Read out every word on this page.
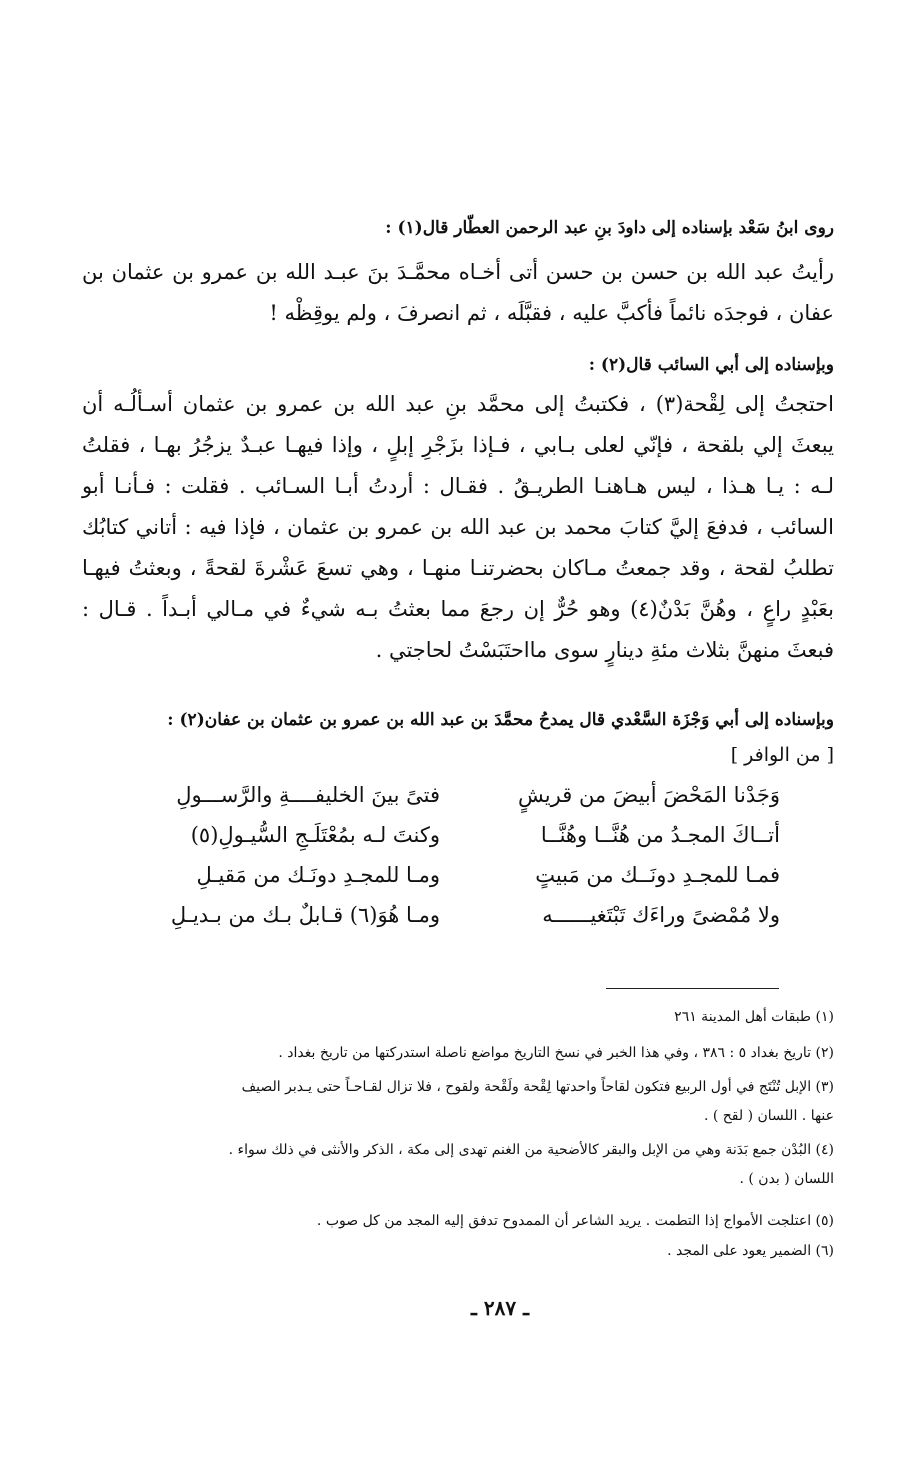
روى ابنُ سَعْد بإسناده إلى داودَ بنِ عبد الرحمن العطّار قال(١) :
رأيتُ عبد الله بن حسن بن حسن أتى أخـاه محمَّـدَ بنَ عبـد الله بن عمرو بن عثمان بن عفان ، فوجدَه نائماً فأكبَّ عليه ، فقبَّلَه ، ثم انصرفَ ، ولم يوقِظْه !
وبإسناده إلى أبي السائب قال(٢) :
احتجتُ إلى لِقْحة(٣) ، فكتبتُ إلى محمَّد بنِ عبد الله بن عمرو بن عثمان أسـألُـه أن يبعثَ إلي بلقحة ، فإنّي لعلى بـابي ، فـإذا بزَجْرِ إبلٍ ، وإذا فيهـا عبـدٌ يزجُرُ بهـا ، فقلتُ لـه : يـا هـذا ، ليس هـاهنـا الطريـقُ . فقـال : أردتُ أبـا السـائب . فقلت : فـأنـا أبو السائب ، فدفعَ إليَّ كتابَ محمد بن عبد الله بن عمرو بن عثمان ، فإذا فيه : أتاني كتابُك تطلبُ لقحة ، وقد جمعتُ مـاكان بحضرتنـا منهـا ، وهي تسعَ عَشْرةَ لقحةً ، وبعثتُ فيهـا بعَبْدٍ راعٍ ، وهُنَّ بَدْنٌ(٤) وهو حُرٌّ إن رجعَ مما بعثتُ بـه شيءٌ في مـالي أبـداً . قـال : فبعثَ منهنَّ بثلاث مئةِ دينارٍ سوى مااحتَبَسْتُ لحاجتي .
وبإسناده إلى أبي وَجْزَة السَّعْدي قال يمدحُ محمَّدَ بن عبد الله بن عمرو بن عثمان بن عفان(٢) :
[ من الوافر ]
وَجَدْنا المَحْضَ أبيضَ من قريشٍ
فتىً بينَ الخليفــــةِ والرَّســـولِ
أتــاكَ المجـدُ من هُنَّــا وهُنَّــا
وكنتَ لـه بمُعْتَلَـجِ السُّيـولِ(٥)
فمـا للمجـدِ دونَــك من مَبيتٍ
ومـا للمجـدِ دونَـك من مَقيـلِ
ولا مُمْضىً وراءَك تَبْتَغيــــــه
ومـا هُوَ(٦) قـابلٌ بـك من بـديـلِ
(١) طبقات أهل المدينة ٢٦١
(٢) تاريخ بغداد ٥ : ٣٨٦ ، وفي هذا الخبر في نسخ التاريخ مواضع ناصلة استدركتها من تاريخ بغداد .
(٣) الإبل تُنْتَج في أول الربيع فتكون لقاحاً واحدتها لِقْحة ولَقْحة ولقوح ، فلا تزال لقـاحـاً حتى يـدبر الصيف
عنها . اللسان ( لقح ) .
(٤) البُدْن جمع بَدَنة وهي من الإبل والبقر كالأضحية من الغنم تهدى إلى مكة ، الذكر والأنثى في ذلك سواء .
اللسان ( بدن ) .
(٥) اعتلجت الأمواج إذا التطمت . يريد الشاعر أن الممدوح تدفق إليه المجد من كل صوب .
(٦) الضمير يعود على المجد .
ـ ٢٨٧ ـ
